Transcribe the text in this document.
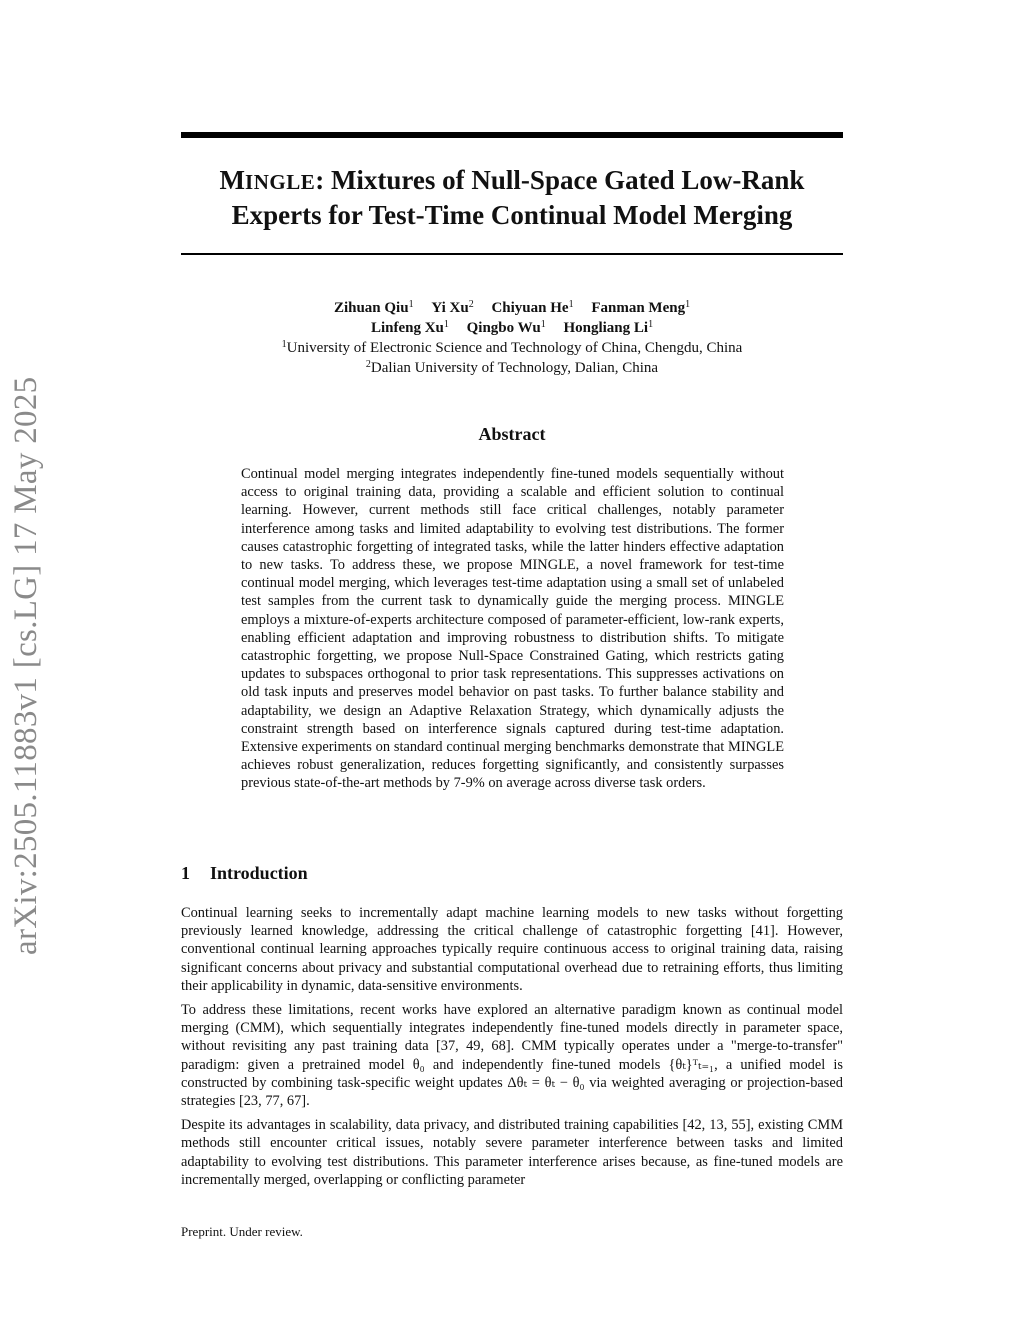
arXiv:2505.11883v1 [cs.LG] 17 May 2025
MINGLE: Mixtures of Null-Space Gated Low-Rank
Experts for Test-Time Continual Model Merging
Zihuan Qiu$^1$ Yi Xu$^2$ Chiyuan He$^1$ Fanman Meng$^1$
Linfeng Xu$^1$ Qingbo Wu$^1$ Hongliang Li$^1$
$^1$University of Electronic Science and Technology of China, Chengdu, China
$^2$Dalian University of Technology, Dalian, China
Abstract
Continual model merging integrates independently fine-tuned models sequentially without access to original training data, providing a scalable and efficient solution to continual learning. However, current methods still face critical challenges, notably parameter interference among tasks and limited adaptability to evolving test distributions. The former causes catastrophic forgetting of integrated tasks, while the latter hinders effective adaptation to new tasks. To address these, we propose MINGLE, a novel framework for test-time continual model merging, which leverages test-time adaptation using a small set of unlabeled test samples from the current task to dynamically guide the merging process. MINGLE employs a mixture-of-experts architecture composed of parameter-efficient, low-rank experts, enabling efficient adaptation and improving robustness to distribution shifts. To mitigate catastrophic forgetting, we propose Null-Space Constrained Gating, which restricts gating updates to subspaces orthogonal to prior task representations. This suppresses activations on old task inputs and preserves model behavior on past tasks. To further balance stability and adaptability, we design an Adaptive Relaxation Strategy, which dynamically adjusts the constraint strength based on interference signals captured during test-time adaptation. Extensive experiments on standard continual merging benchmarks demonstrate that MINGLE achieves robust generalization, reduces forgetting significantly, and consistently surpasses previous state-of-the-art methods by 7-9% on average across diverse task orders.
1 Introduction

Continual learning seeks to incrementally adapt machine learning models to new tasks without forgetting previously learned knowledge, addressing the critical challenge of catastrophic forgetting [41]. However, conventional continual learning approaches typically require continuous access to original training data, raising significant concerns about privacy and substantial computational overhead due to retraining efforts, thus limiting their applicability in dynamic, data-sensitive environments.

To address these limitations, recent works have explored an alternative paradigm known as continual model merging (CMM), which sequentially integrates independently fine-tuned models directly in parameter space, without revisiting any past training data [37, 49, 68]. CMM typically operates under a "merge-to-transfer" paradigm: given a pretrained model θ₀ and independently fine-tuned models {θₜ}ᵀₜ₌₁, a unified model is constructed by combining task-specific weight updates Δθₜ = θₜ − θ₀ via weighted averaging or projection-based strategies [23, 77, 67].

Despite its advantages in scalability, data privacy, and distributed training capabilities [42, 13, 55], existing CMM methods still encounter critical issues, notably severe parameter interference between tasks and limited adaptability to evolving test distributions. This parameter interference arises because, as fine-tuned models are incrementally merged, overlapping or conflicting parameter

Preprint. Under review.
